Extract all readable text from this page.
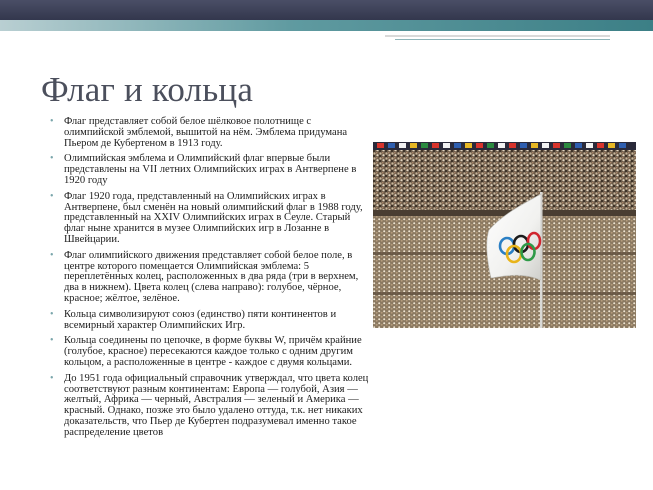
Флаг и кольца
• Флаг представляет собой белое шёлковое полотнище с олимпийской эмблемой, вышитой на нём. Эмблема придумана Пьером де Кубертеном в 1913 году.
• Олимпийская эмблема и Олимпийский флаг впервые были представлены на VII летних Олимпийских играх в Антверпене в 1920 году
• Флаг 1920 года, представленный на Олимпийских играх в Антверпене, был сменён на новый олимпийский флаг в 1988 году, представленный на XXIV Олимпийских играх в Сеуле. Старый флаг ныне хранится в музее Олимпийских игр в Лозанне в Швейцарии.
• Флаг олимпийского движения представляет собой белое поле, в центре которого помещается Олимпийская эмблема: 5 переплетённых колец, расположенных в два ряда (три в верхнем, два в нижнем). Цвета колец (слева направо): голубое, чёрное, красное; жёлтое, зелёное.
• Кольца символизируют союз (единство) пяти континентов и всемирный характер Олимпийских Игр.
• Кольца соединены по цепочке, в форме буквы W, причём крайние (голубое, красное) пересекаются каждое только с одним другим кольцом, а расположенные в центре - каждое с двумя кольцами.
• До 1951 года официальный справочник утверждал, что цвета колец соответствуют разным континентам: Европа — голубой, Азия — желтый, Африка — черный, Австралия — зеленый и Америка — красный. Однако, позже это было удалено оттуда, т.к. нет никаких доказательств, что Пьер де Кубертен подразумевал именно такое распределение цветов
